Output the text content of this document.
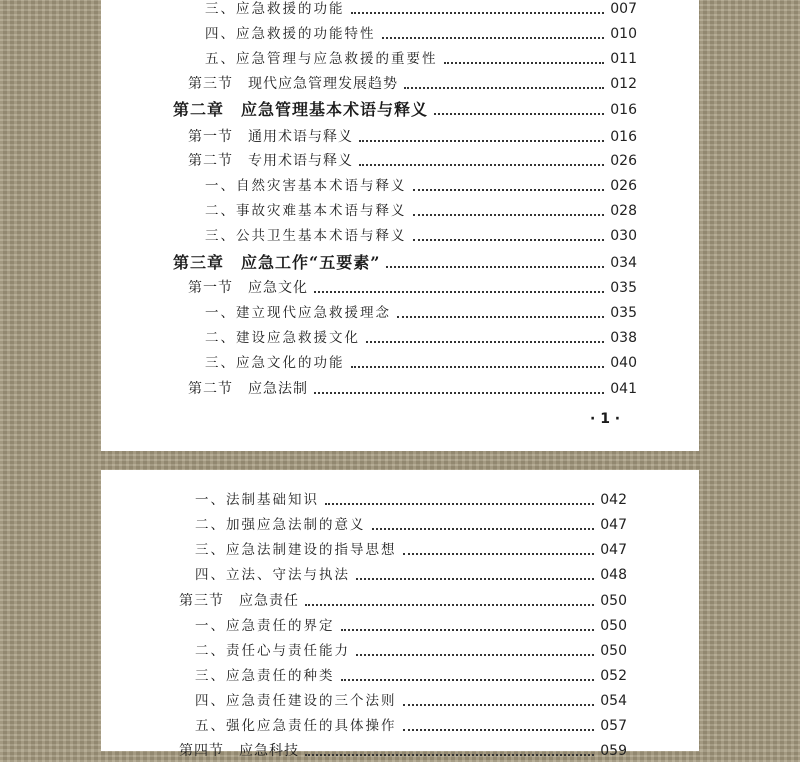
三、应急救援的功能	007
四、应急救援的功能特性	010
五、应急管理与应急救援的重要性	011
第三节　现代应急管理发展趋势	012
第二章　应急管理基本术语与释义	016
第一节　通用术语与释义	016
第二节　专用术语与释义	026
一、自然灾害基本术语与释义	026
二、事故灾难基本术语与释义	028
三、公共卫生基本术语与释义	030
第三章　应急工作“五要素”	034
第一节　应急文化	035
一、建立现代应急救援理念	035
二、建设应急救援文化	038
三、应急文化的功能	040
第二节　应急法制	041
· 1 ·
一、法制基础知识	042
二、加强应急法制的意义	047
三、应急法制建设的指导思想	047
四、立法、守法与执法	048
第三节　应急责任	050
一、应急责任的界定	050
二、责任心与责任能力	050
三、应急责任的种类	052
四、应急责任建设的三个法则	054
五、强化应急责任的具体操作	057
第四节　应急科技	059
